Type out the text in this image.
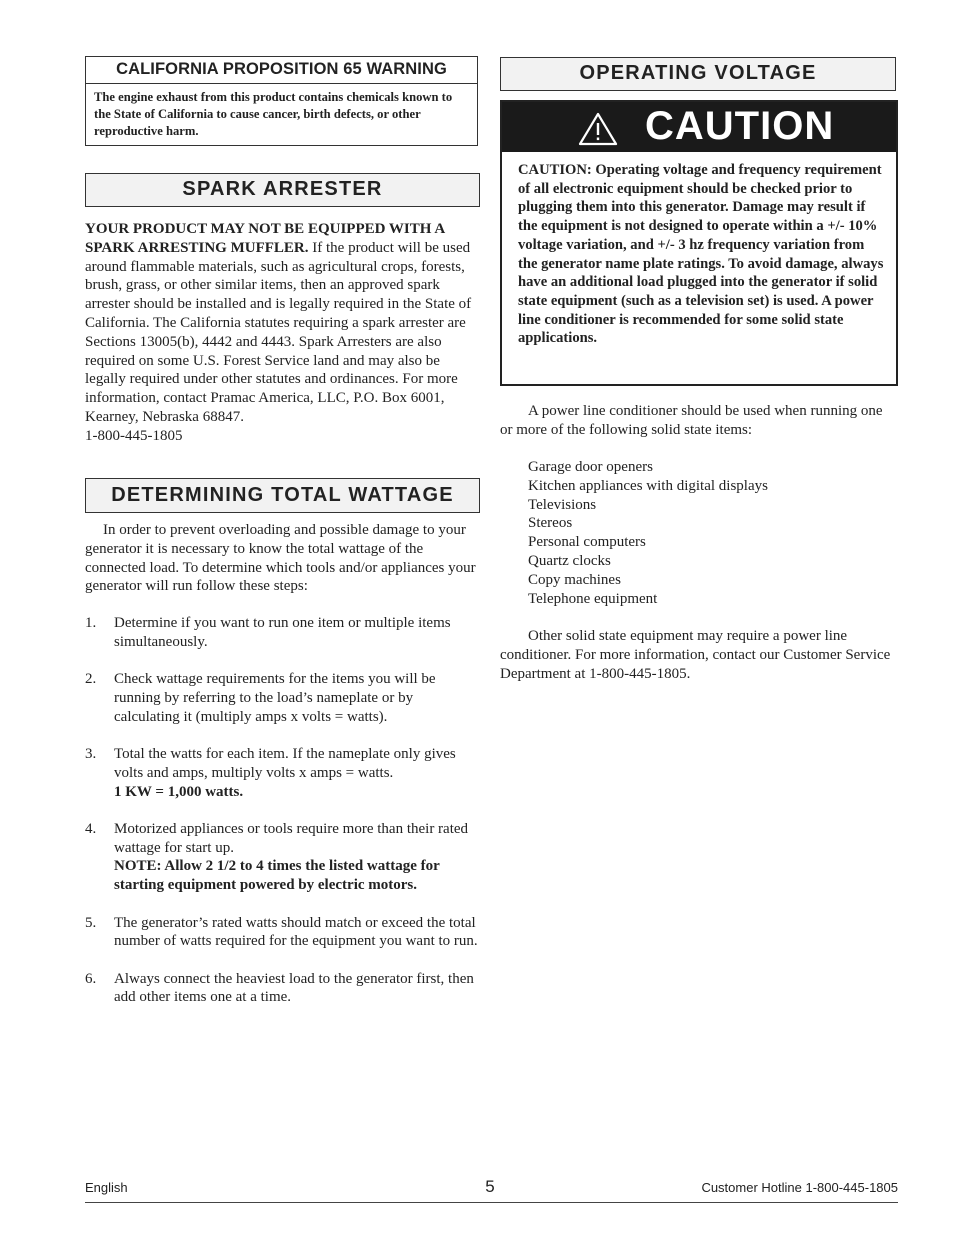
CALIFORNIA PROPOSITION 65 WARNING
The engine exhaust from this product contains chemicals known to the State of California to cause cancer, birth defects, or other reproductive harm.
SPARK ARRESTER
YOUR PRODUCT MAY NOT BE EQUIPPED WITH A SPARK ARRESTING MUFFLER. If the product will be used around flammable materials, such as agricultural crops, forests, brush, grass, or other similar items, then an approved spark arrester should be installed and is legally required in the State of California. The California statutes requiring a spark arrester are Sections 13005(b), 4442 and 4443. Spark Arresters are also required on some U.S. Forest Service land and may also be legally required under other statutes and ordinances. For more information, contact Pramac America, LLC, P.O. Box 6001, Kearney, Nebraska 68847.
1-800-445-1805
DETERMINING TOTAL WATTAGE
In order to prevent overloading and possible damage to your generator it is necessary to know the total wattage of the connected load. To determine which tools and/or appliances your generator will run follow these steps:
1. Determine if you want to run one item or multiple items simultaneously.
2. Check wattage requirements for the items you will be running by referring to the load’s nameplate or by calculating it (multiply amps x volts = watts).
3. Total the watts for each item. If the nameplate only gives volts and amps, multiply volts x amps = watts.
1 KW = 1,000 watts.
4. Motorized appliances or tools require more than their rated wattage for start up.
NOTE: Allow 2 1/2 to 4 times the listed wattage for starting equipment powered by electric motors.
5. The generator’s rated watts should match or exceed the total number of watts required for the equipment you want to run.
6. Always connect the heaviest load to the generator first, then add other items one at a time.
OPERATING VOLTAGE
CAUTION
CAUTION: Operating voltage and frequency requirement of all electronic equipment should be checked prior to plugging them into this generator. Damage may result if the equipment is not designed to operate within a +/- 10% voltage variation, and +/- 3 hz frequency variation from the generator name plate ratings. To avoid damage, always have an additional load plugged into the generator if solid state equipment (such as a television set) is used. A power line conditioner is recommended for some solid state applications.
A power line conditioner should be used when running one or more of the following solid state items:
Garage door openers
Kitchen appliances with digital displays
Televisions
Stereos
Personal computers
Quartz clocks
Copy machines
Telephone equipment
Other solid state equipment may require a power line conditioner. For more information, contact our Customer Service Department at 1-800-445-1805.
English	5	Customer Hotline 1-800-445-1805
